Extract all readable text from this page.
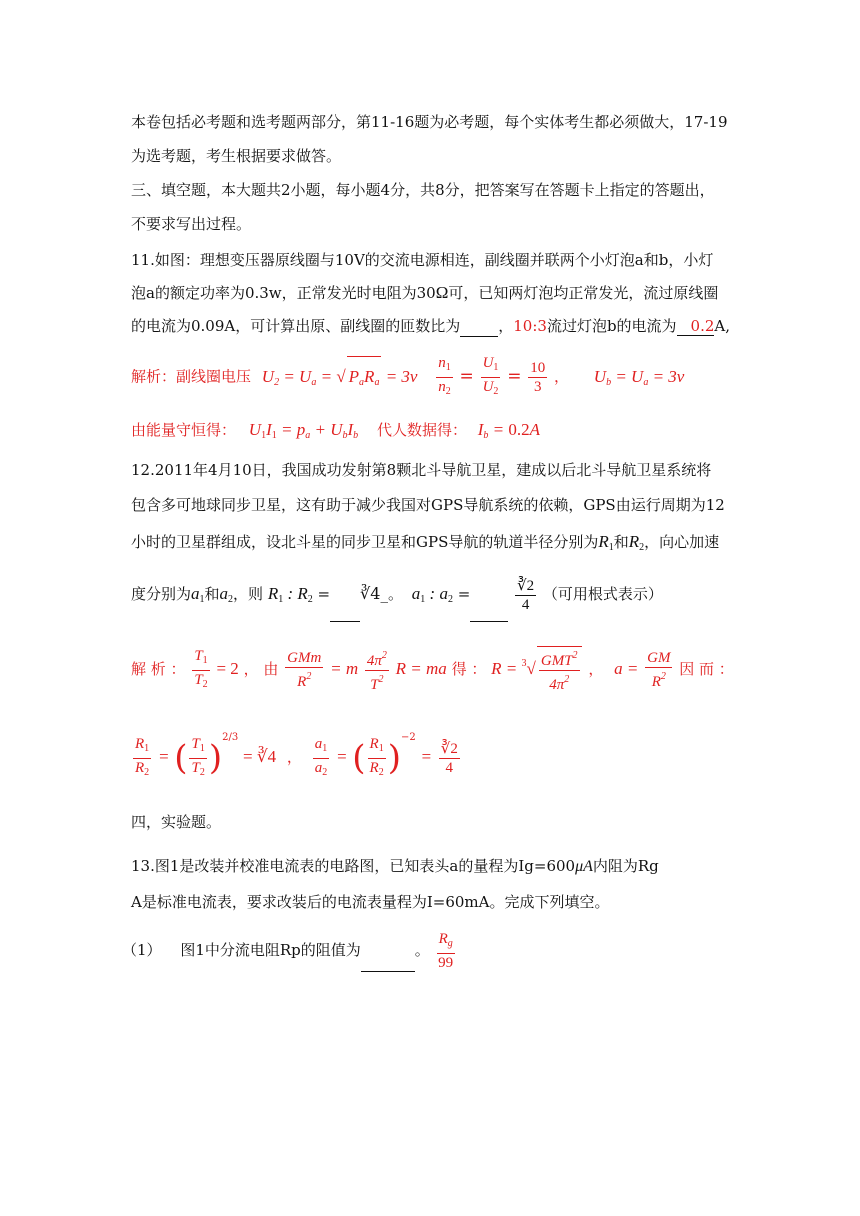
本卷包括必考题和选考题两部分，第11-16题为必考题，每个实体考生都必须做大，17-19
为选考题，考生根据要求做答。
三、填空题，本大题共2小题，每小题4分，共8分，把答案写在答题卡上指定的答题出，
不要求写出过程。
11.如图：理想变压器原线圈与10V的交流电源相连，副线圈并联两个小灯泡a和b，小灯
泡a的额定功率为0.3w，正常发光时电阻为30Ω可，已知两灯泡均正常发光，流过原线圈
的电流为0.09A，可计算出原、副线圈的匝数比为	，10:3流过灯泡b的电流为 0.2A,
解析：副线圈电压 $U_2 = U_a$ = √ $P_aR_a = 3v \frac{n_1}{n_2} = \frac{U_1}{U_2} = \frac{10}{3}$ ， $U_b = U_a = 3v$
由能量守恒得： $U_1I_1 = p_a + U_bI_b$ 代人数据得： $I_b = 0.2A$
12.2011年4月10日，我国成功发射第8颗北斗导航卫星，建成以后北斗导航卫星系统将
包含多可地球同步卫星，这有助于减少我国对GPS导航系统的依赖，GPS由运行周期为12
小时的卫星群组成，设北斗星的同步卫星和GPS导航的轨道半径分别为$R_1$和$R_2$，向心加速
度分别为$a_1$和$a_2$，则 $R_1$ : $R_2$ = ∛4_。 $a_1$ : $a_2$ =	$\frac{∛2}{4}$ （可用根式表示）
解 析 ： $\frac{T_1}{T_2} = 2$ ， 由 $\frac{\text{GMm}}{R^2} = m \frac{4\pi^2}{T^2}$ R = ma 得 ： $R = ^3√ \frac{GMT^2}{4\pi^2}$ ， $a = \frac{GM}{R^2}$ 因 而 ：
$\frac{R_1}{R_2}$ = ( $\frac{T_1}{T_2} )^{2/3}$ = ∛4 ， $\frac{a_1}{a_2}$ = ( $\frac{R_1}{R_2} )^{-2} = \frac{∛2}{4}$
四，实验题。
13.图1是改装并校准电流表的电路图，已知表头a的量程为Ig=600μA内阻为Rg
A是标准电流表，要求改装后的电流表量程为I=60mA。完成下列填空。
（1） 图1中分流电阻Rp的阻值为	。 $\frac{R_g}{99}$
